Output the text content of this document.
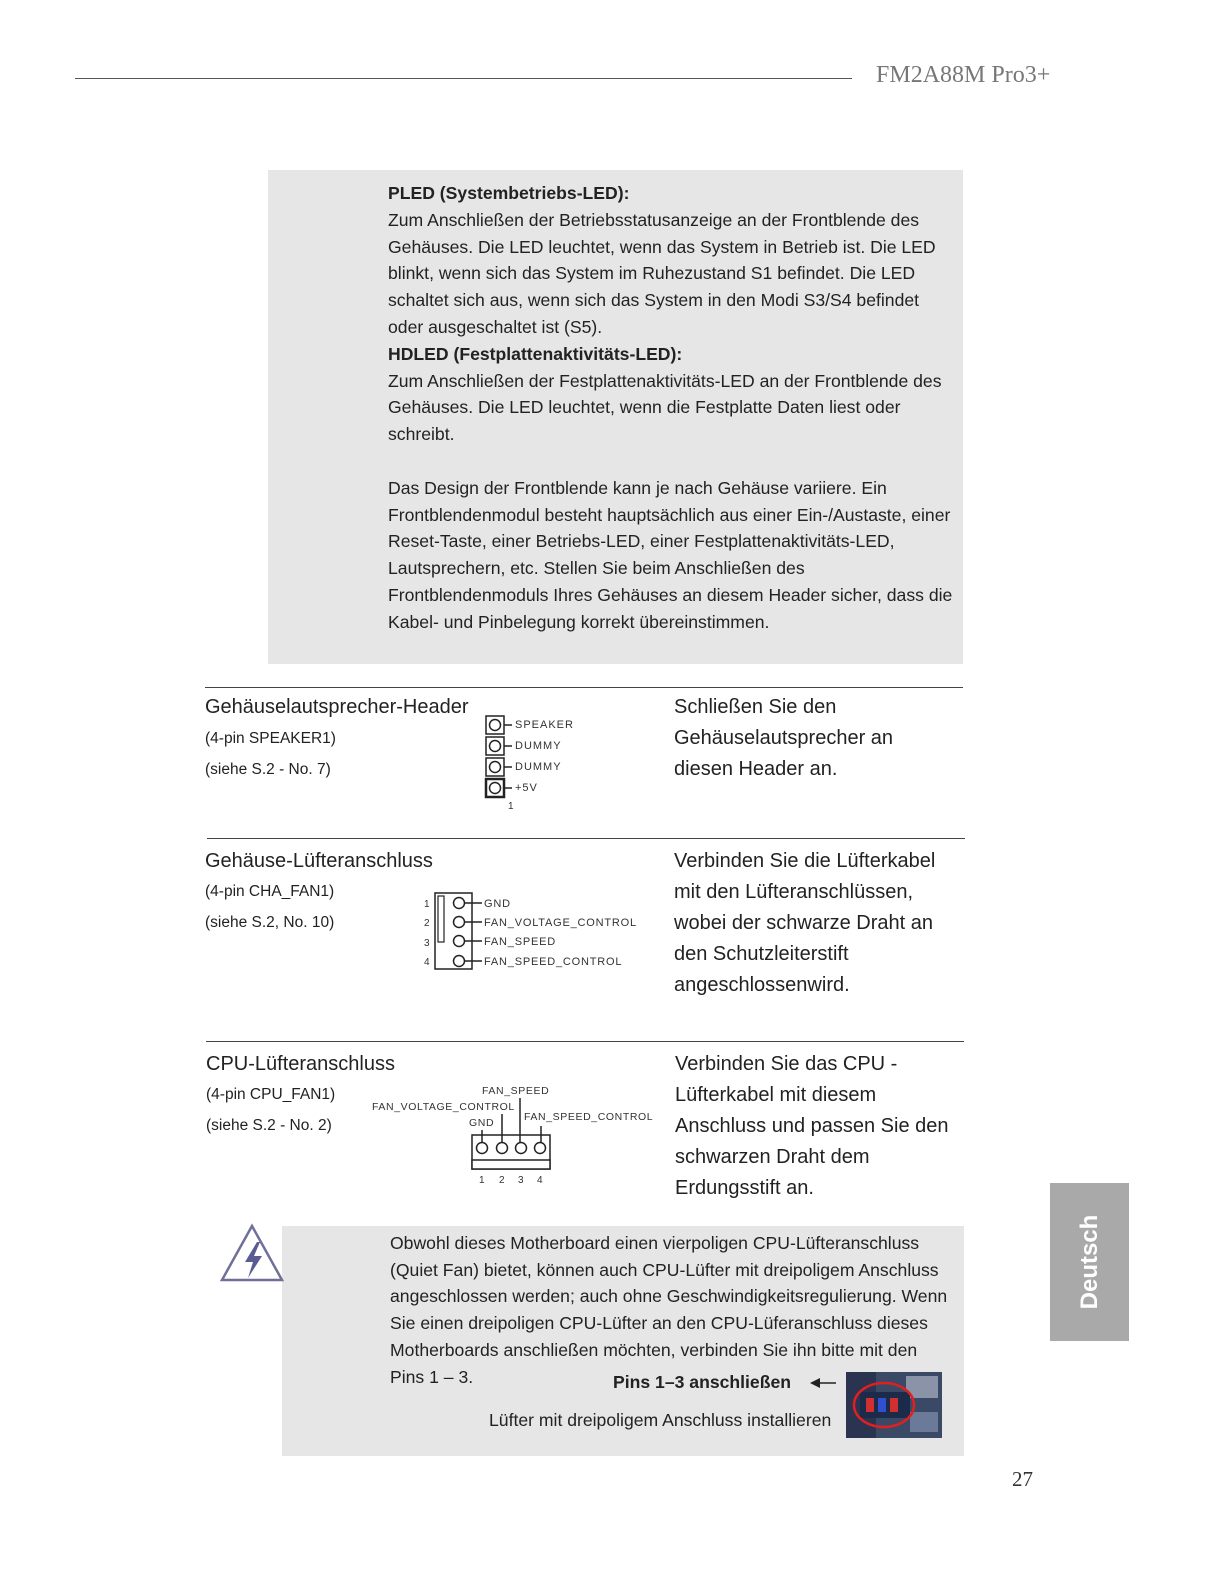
FM2A88M Pro3+

PLED (Systembetriebs-LED):

Zum Anschließen der Betriebsstatusanzeige an der Frontblende des

Gehäuses. Die LED leuchtet, wenn das System in Betrieb ist. Die LED

blinkt, wenn sich das System im Ruhezustand S1 befindet. Die LED

schaltet sich aus, wenn sich das System in den Modi S3/S4 befindet

oder ausgeschaltet ist (S5).

HDLED (Festplattenaktivitäts-LED):

Zum Anschließen der Festplattenaktivitäts-LED an der Frontblende des

Gehäuses. Die LED leuchtet, wenn die Festplatte Daten liest oder

schreibt.

Das Design der Frontblende kann je nach Gehäuse variiere. Ein

Frontblendenmodul besteht hauptsächlich aus einer Ein-/Austaste, einer

Reset-Taste, einer Betriebs-LED, einer Festplattenaktivitäts-LED,

Lautsprechern, etc. Stellen Sie beim Anschließen des

Frontblendenmoduls Ihres Gehäuses an diesem Header sicher, dass die

Kabel- und Pinbelegung korrekt übereinstimmen.

Gehäuselautsprecher-Header
(4-pin SPEAKER1)
(siehe S.2 - No. 7)
SPEAKER
DUMMY
DUMMY
+5V
1
Schließen Sie den
Gehäuselautsprecher an
diesen Header an.
Gehäuse-Lüfteranschluss
(4-pin CHA_FAN1)
(siehe S.2, No. 10)
1
2
3
4
GND
FAN_VOLTAGE_CONTROL
FAN_SPEED
FAN_SPEED_CONTROL
Verbinden Sie die Lüfterkabel
mit den Lüfteranschlüssen,
wobei der schwarze Draht an
den Schutzleiterstift
angeschlossenwird.
CPU-Lüfteranschluss
(4-pin CPU_FAN1)
(siehe S.2 - No. 2)
FAN_SPEED
FAN_VOLTAGE_CONTROL
GND	FAN_SPEED_CONTROL
1 2 3 4
Verbinden Sie das CPU -
Lüfterkabel mit diesem
Anschluss und passen Sie den
schwarzen Draht dem
Erdungsstift an.
Obwohl dieses Motherboard einen vierpoligen CPU-Lüfteranschluss
(Quiet Fan) bietet, können auch CPU-Lüfter mit dreipoligem Anschluss
angeschlossen werden; auch ohne Geschwindigkeitsregulierung. Wenn
Sie einen dreipoligen CPU-Lüfter an den CPU-Lüferanschluss dieses
Motherboards anschließen möchten, verbinden Sie ihn bitte mit den
Pins 1 – 3.	Pins 1–3 anschließen
Lüfter mit dreipoligem Anschluss installieren
Deutsch
27
